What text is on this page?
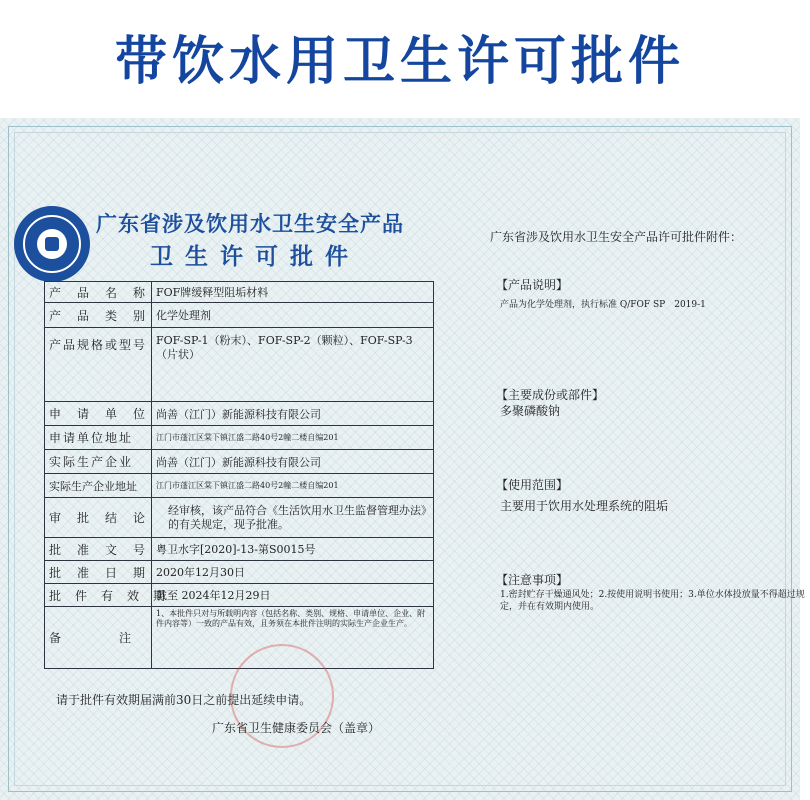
带饮水用卫生许可批件
广东省涉及饮用水卫生安全产品
卫生许可批件
产　品　名　称	FOF牌缓释型阻垢材料
产　品　类　别	化学处理剂
产品规格或型号	FOF-SP-1（粉末）、FOF-SP-2（颗粒）、FOF-SP-3（片状）
申　请　单　位	尚善（江门）新能源科技有限公司
申请单位地址	江门市蓬江区棠下镇江盛二路40号2幢二楼自编201
实际生产企业	尚善（江门）新能源科技有限公司
实际生产企业地址	江门市蓬江区棠下镇江盛二路40号2幢二楼自编201
审　批　结　论	经审核，该产品符合《生活饮用水卫生监督管理办法》的有关规定，现予批准。
批　准　文　号	粤卫水字[2020]-13-第S0015号
批　准　日　期	2020年12月30日
批　件　有　效　期	截至 2024年12月29日
备　　　　注	1、本批件只对与所载明内容（包括名称、类别、规格、申请单位、企业、附件内容等）一致的产品有效，且务须在本批件注明的实际生产企业生产。
请于批件有效期届满前30日之前提出延续申请。
广东省卫生健康委员会（盖章）
广东省涉及饮用水卫生安全产品许可批件附件：
【产品说明】
产品为化学处理剂，执行标准 Q/FOF SP　2019-1
【主要成份或部件】
多聚磷酸钠
【使用范围】
主要用于饮用水处理系统的阻垢
【注意事项】
1.密封贮存干燥通风处；2.按使用说明书使用；3.单位水体投放量不得超过规定，并在有效期内使用。
